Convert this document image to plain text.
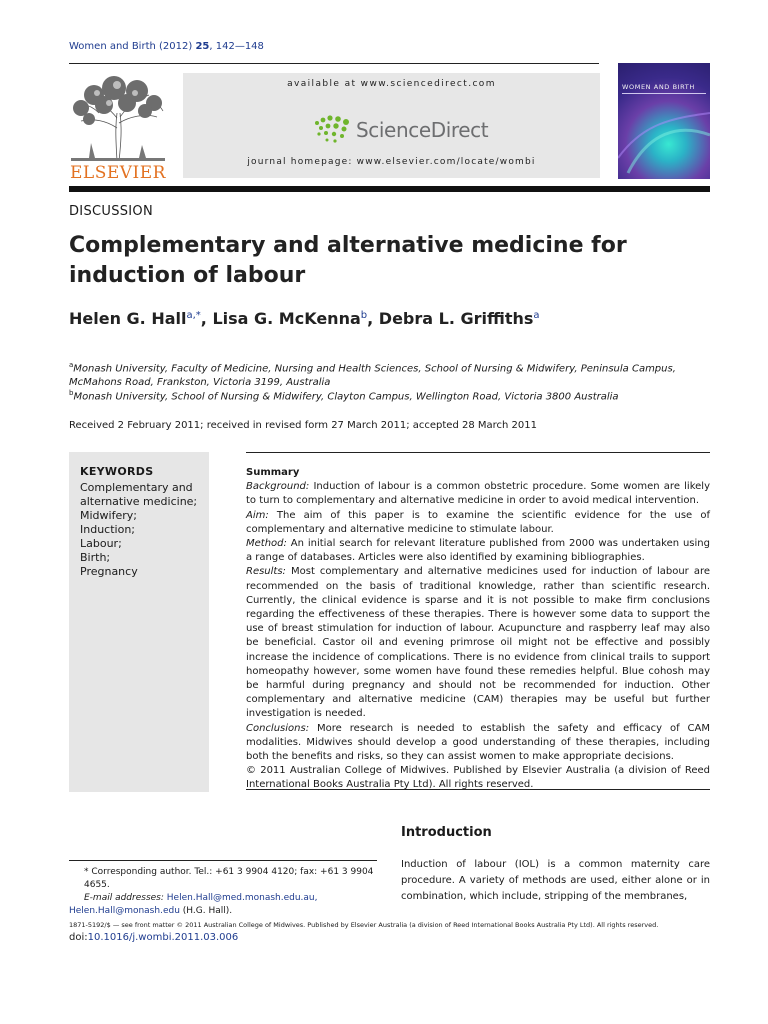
Women and Birth (2012) 25, 142—148
ELSEVIER
available at www.sciencedirect.com
ScienceDirect
journal homepage: www.elsevier.com/locate/wombi
WOMEN AND BIRTH
DISCUSSION
Complementary and alternative medicine for induction of labour
Helen G. Hall$^{a,*}$, Lisa G. McKenna$^b$, Debra L. Griffiths$^a$
$^a$Monash University, Faculty of Medicine, Nursing and Health Sciences, School of Nursing & Midwifery, Peninsula Campus, McMahons Road, Frankston, Victoria 3199, Australia
$^b$Monash University, School of Nursing & Midwifery, Clayton Campus, Wellington Road, Victoria 3800 Australia
Received 2 February 2011; received in revised form 27 March 2011; accepted 28 March 2011
KEYWORDS
Complementary and alternative medicine;
Midwifery;
Induction;
Labour;
Birth;
Pregnancy

Summary

Background: Induction of labour is a common obstetric procedure. Some women are likely to turn to complementary and alternative medicine in order to avoid medical intervention.

Aim: The aim of this paper is to examine the scientific evidence for the use of complementary and alternative medicine to stimulate labour.

Method: An initial search for relevant literature published from 2000 was undertaken using a range of databases. Articles were also identified by examining bibliographies.

Results: Most complementary and alternative medicines used for induction of labour are recommended on the basis of traditional knowledge, rather than scientific research. Currently, the clinical evidence is sparse and it is not possible to make firm conclusions regarding the effectiveness of these therapies. There is however some data to support the use of breast stimulation for induction of labour. Acupuncture and raspberry leaf may also be beneficial. Castor oil and evening primrose oil might not be effective and possibly increase the incidence of complications. There is no evidence from clinical trails to support homeopathy however, some women have found these remedies helpful. Blue cohosh may be harmful during pregnancy and should not be recommended for induction. Other complementary and alternative medicine (CAM) therapies may be useful but further investigation is needed.

Conclusions: More research is needed to establish the safety and efficacy of CAM modalities. Midwives should develop a good understanding of these therapies, including both the benefits and risks, so they can assist women to make appropriate decisions.

© 2011 Australian College of Midwives. Published by Elsevier Australia (a division of Reed International Books Australia Pty Ltd). All rights reserved.

Introduction
Induction of labour (IOL) is a common maternity care procedure. A variety of methods are used, either alone or in combination, which include, stripping of the membranes,
* Corresponding author. Tel.: +61 3 9904 4120; fax: +61 3 9904 4655.
E-mail addresses: Helen.Hall@med.monash.edu.au,
Helen.Hall@monash.edu (H.G. Hall).
1871-5192/$ — see front matter © 2011 Australian College of Midwives. Published by Elsevier Australia (a division of Reed International Books Australia Pty Ltd). All rights reserved.
doi:10.1016/j.wombi.2011.03.006
